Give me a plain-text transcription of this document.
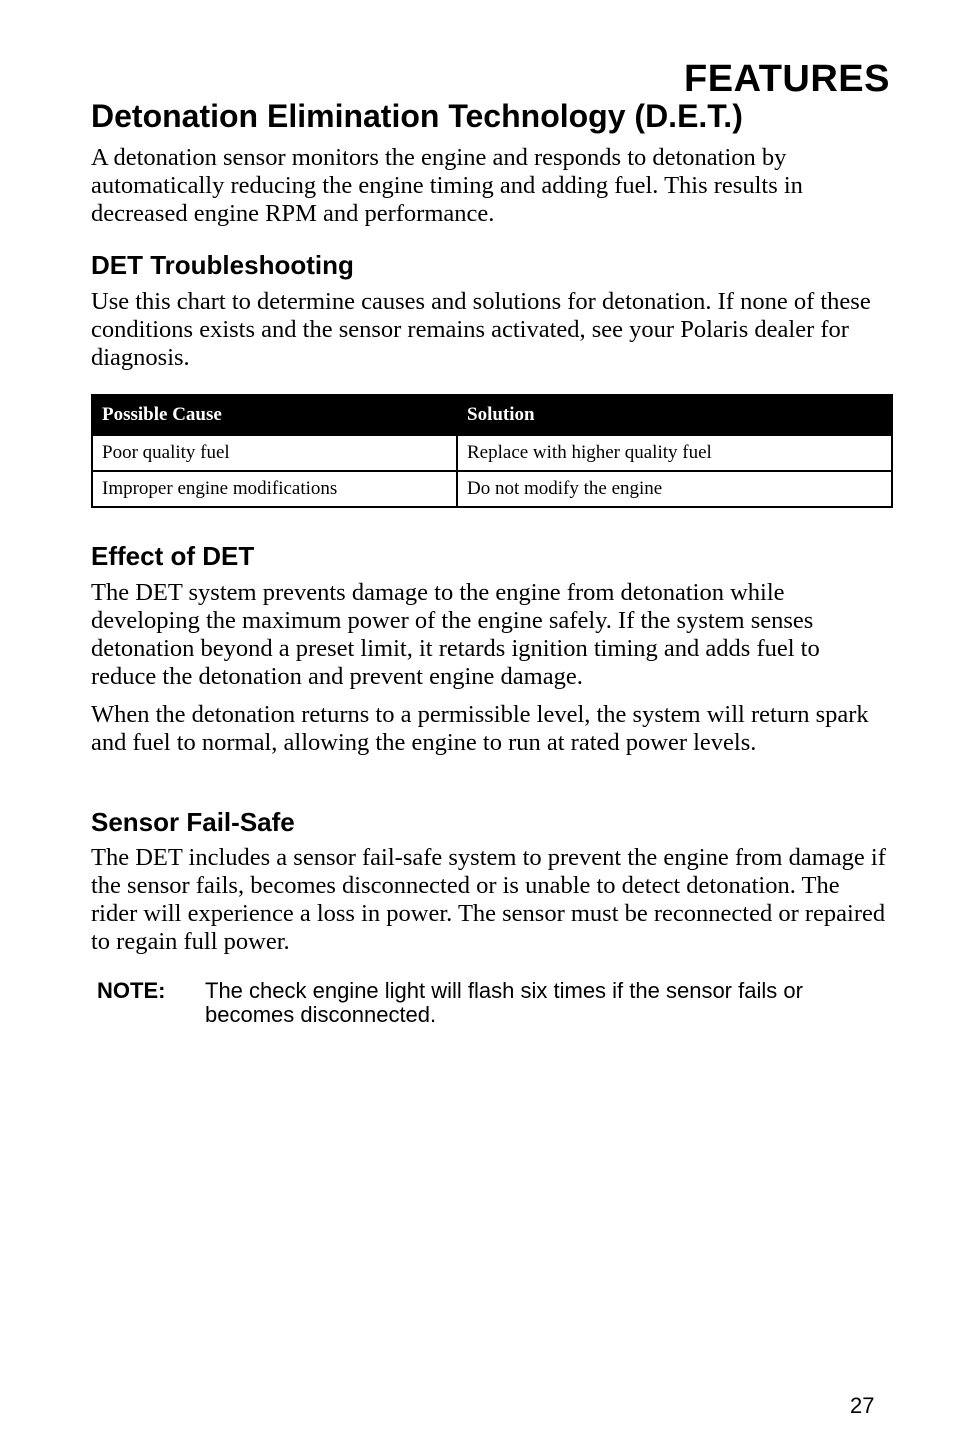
FEATURES
Detonation Elimination Technology (D.E.T.)

A detonation sensor monitors the engine and responds to detonation by automatically reducing the engine timing and adding fuel. This results in decreased engine RPM and performance.

DET Troubleshooting

Use this chart to determine causes and solutions for detonation. If none of these conditions exists and the sensor remains activated, see your Polaris dealer for diagnosis.

Possible Cause	Solution
Poor quality fuel	Replace with higher quality fuel
Improper engine modifications	Do not modify the engine
Effect of DET

The DET system prevents damage to the engine from detonation while developing the maximum power of the engine safely. If the system senses detonation beyond a preset limit, it retards ignition timing and adds fuel to reduce the detonation and prevent engine damage.

When the detonation returns to a permissible level, the system will return spark and fuel to normal, allowing the engine to run at rated power levels.

Sensor Fail-Safe

The DET includes a sensor fail-safe system to prevent the engine from damage if the sensor fails, becomes disconnected or is unable to detect detonation. The rider will experience a loss in power. The sensor must be reconnected or repaired to regain full power.

NOTE: The check engine light will flash six times if the sensor fails or becomes disconnected.
27
